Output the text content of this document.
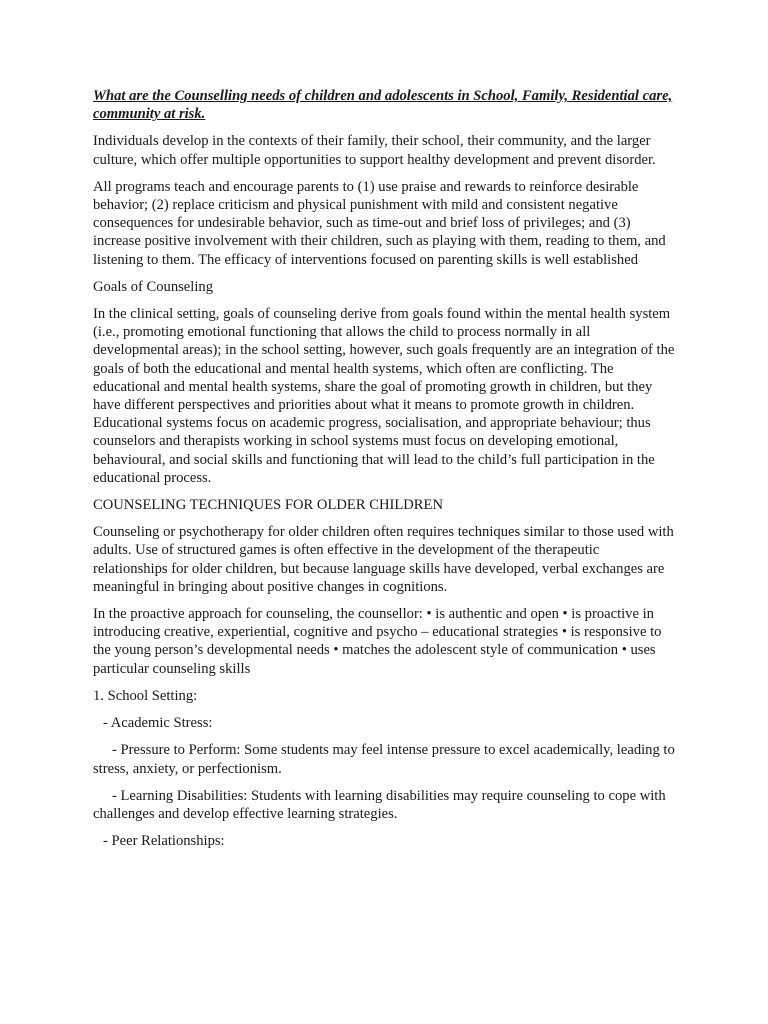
What are the Counselling needs of children and adolescents in School, Family, Residential care, community at risk.

Individuals develop in the contexts of their family, their school, their community, and the larger culture, which offer multiple opportunities to support healthy development and prevent disorder.

All programs teach and encourage parents to (1) use praise and rewards to reinforce desirable behavior; (2) replace criticism and physical punishment with mild and consistent negative consequences for undesirable behavior, such as time-out and brief loss of privileges; and (3) increase positive involvement with their children, such as playing with them, reading to them, and listening to them. The efficacy of interventions focused on parenting skills is well established

Goals of Counseling

In the clinical setting, goals of counseling derive from goals found within the mental health system (i.e., promoting emotional functioning that allows the child to process normally in all developmental areas); in the school setting, however, such goals frequently are an integration of the goals of both the educational and mental health systems, which often are conflicting. The educational and mental health systems, share the goal of promoting growth in children, but they have different perspectives and priorities about what it means to promote growth in children. Educational systems focus on academic progress, socialisation, and appropriate behaviour; thus counselors and therapists working in school systems must focus on developing emotional, behavioural, and social skills and functioning that will lead to the child’s full participation in the educational process.

COUNSELING TECHNIQUES FOR OLDER CHILDREN

Counseling or psychotherapy for older children often requires techniques similar to those used with adults. Use of structured games is often effective in the development of the therapeutic relationships for older children, but because language skills have developed, verbal exchanges are meaningful in bringing about positive changes in cognitions.

In the proactive approach for counseling, the counsellor: • is authentic and open • is proactive in introducing creative, experiential, cognitive and psycho – educational strategies • is responsive to the young person’s developmental needs • matches the adolescent style of communication • uses particular counseling skills

1. School Setting:

- Academic Stress:

- Pressure to Perform: Some students may feel intense pressure to excel academically, leading to stress, anxiety, or perfectionism.

- Learning Disabilities: Students with learning disabilities may require counseling to cope with challenges and develop effective learning strategies.

- Peer Relationships:
